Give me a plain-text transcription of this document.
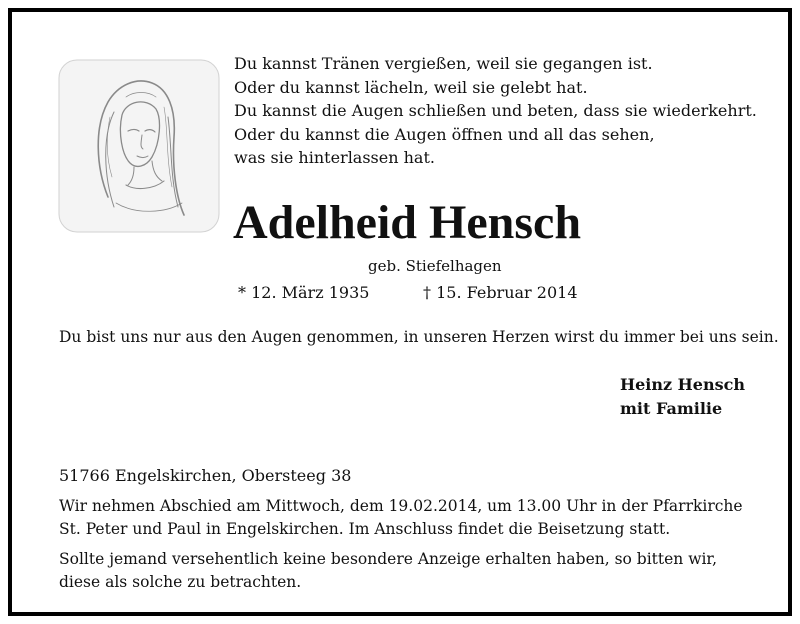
Du kannst Tränen vergießen, weil sie gegangen ist.

Oder du kannst lächeln, weil sie gelebt hat.

Du kannst die Augen schließen und beten, dass sie wiederkehrt.

Oder du kannst die Augen öffnen und all das sehen,

was sie hinterlassen hat.

Adelheid Hensch
geb. Stiefelhagen
* 12. März 1935	† 15. Februar 2014
Du bist uns nur aus den Augen genommen, in unseren Herzen wirst du immer bei uns sein.
Heinz Hensch
mit Familie
51766 Engelskirchen, Obersteeg 38

Wir nehmen Abschied am Mittwoch, dem 19.02.2014, um 13.00 Uhr in der Pfarrkirche St. Peter und Paul in Engelskirchen. Im Anschluss findet die Beisetzung statt.

Sollte jemand versehentlich keine besondere Anzeige erhalten haben, so bitten wir, diese als solche zu betrachten.
